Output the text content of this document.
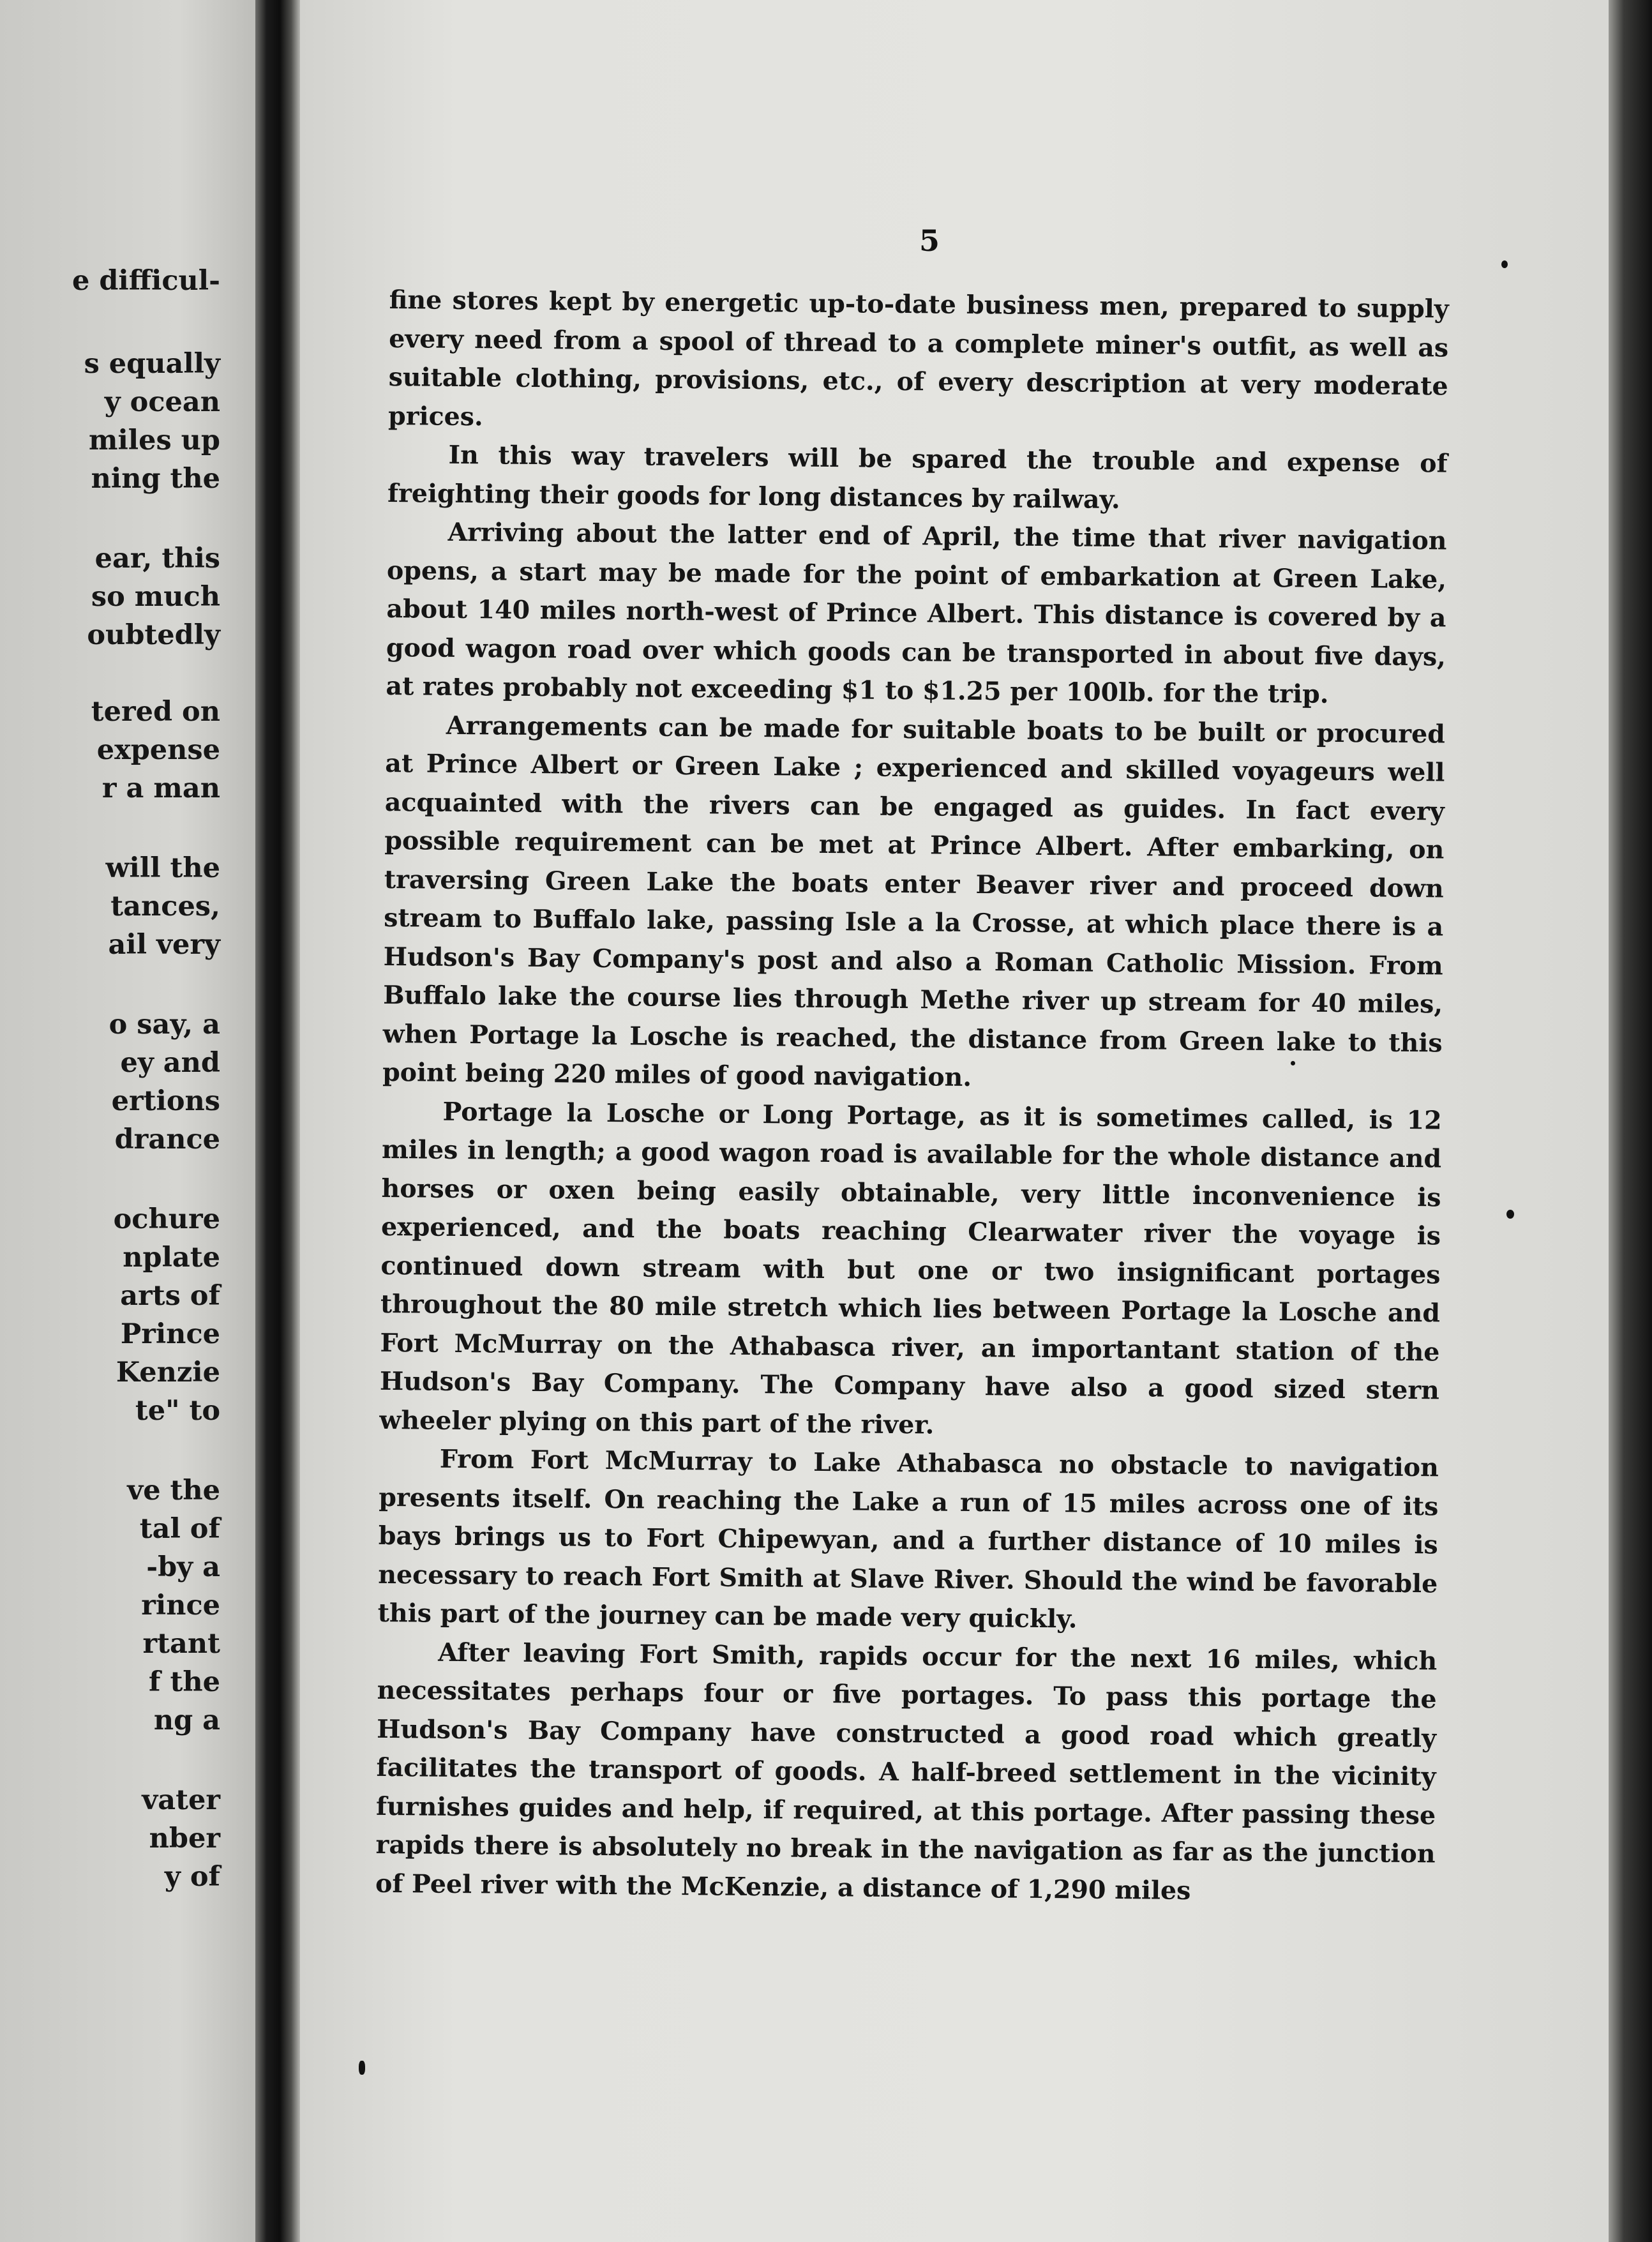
e difficul-
s equally
y ocean
miles up
ning the
ear, this
so much
oubtedly
tered on
expense
r a man
will the
tances,
ail very
o say, a
ey and
ertions
drance
ochure
nplate
arts of
Prince
Kenzie
te" to
ve the
tal of
-by a
rince
rtant
f the
ng a
vater
nber
y of
5

fine stores kept by energetic up-to-date business men, prepared to supply every need from a spool of thread to a complete miner's outfit, as well as suitable clothing, provisions, etc., of every description at very moderate prices.

In this way travelers will be spared the trouble and expense of freighting their goods for long distances by railway.

Arriving about the latter end of April, the time that river navigation opens, a start may be made for the point of embarkation at Green Lake, about 140 miles north-west of Prince Albert. This distance is covered by a good wagon road over which goods can be transported in about five days, at rates probably not exceeding $1 to $1.25 per 100lb. for the trip.

Arrangements can be made for suitable boats to be built or procured at Prince Albert or Green Lake ; experienced and skilled voyageurs well acquainted with the rivers can be engaged as guides. In fact every possible requirement can be met at Prince Albert. After embarking, on traversing Green Lake the boats enter Beaver river and proceed down stream to Buffalo lake, passing Isle a la Crosse, at which place there is a Hudson's Bay Company's post and also a Roman Catholic Mission. From Buffalo lake the course lies through Methe river up stream for 40 miles, when Portage la Losche is reached, the distance from Green lake to this point being 220 miles of good navigation.

Portage la Losche or Long Portage, as it is sometimes called, is 12 miles in length; a good wagon road is available for the whole distance and horses or oxen being easily obtainable, very little inconvenience is experienced, and the boats reaching Clearwater river the voyage is continued down stream with but one or two insignificant portages throughout the 80 mile stretch which lies between Portage la Losche and Fort McMurray on the Athabasca river, an importantant station of the Hudson's Bay Company. The Company have also a good sized stern wheeler plying on this part of the river.

From Fort McMurray to Lake Athabasca no obstacle to navigation presents itself. On reaching the Lake a run of 15 miles across one of its bays brings us to Fort Chipewyan, and a further distance of 10 miles is necessary to reach Fort Smith at Slave River. Should the wind be favorable this part of the journey can be made very quickly.

After leaving Fort Smith, rapids occur for the next 16 miles, which necessitates perhaps four or five portages. To pass this portage the Hudson's Bay Company have constructed a good road which greatly facilitates the transport of goods. A half-breed settlement in the vicinity furnishes guides and help, if required, at this portage. After passing these rapids there is absolutely no break in the navigation as far as the junction of Peel river with the McKenzie, a distance of 1,290 miles
